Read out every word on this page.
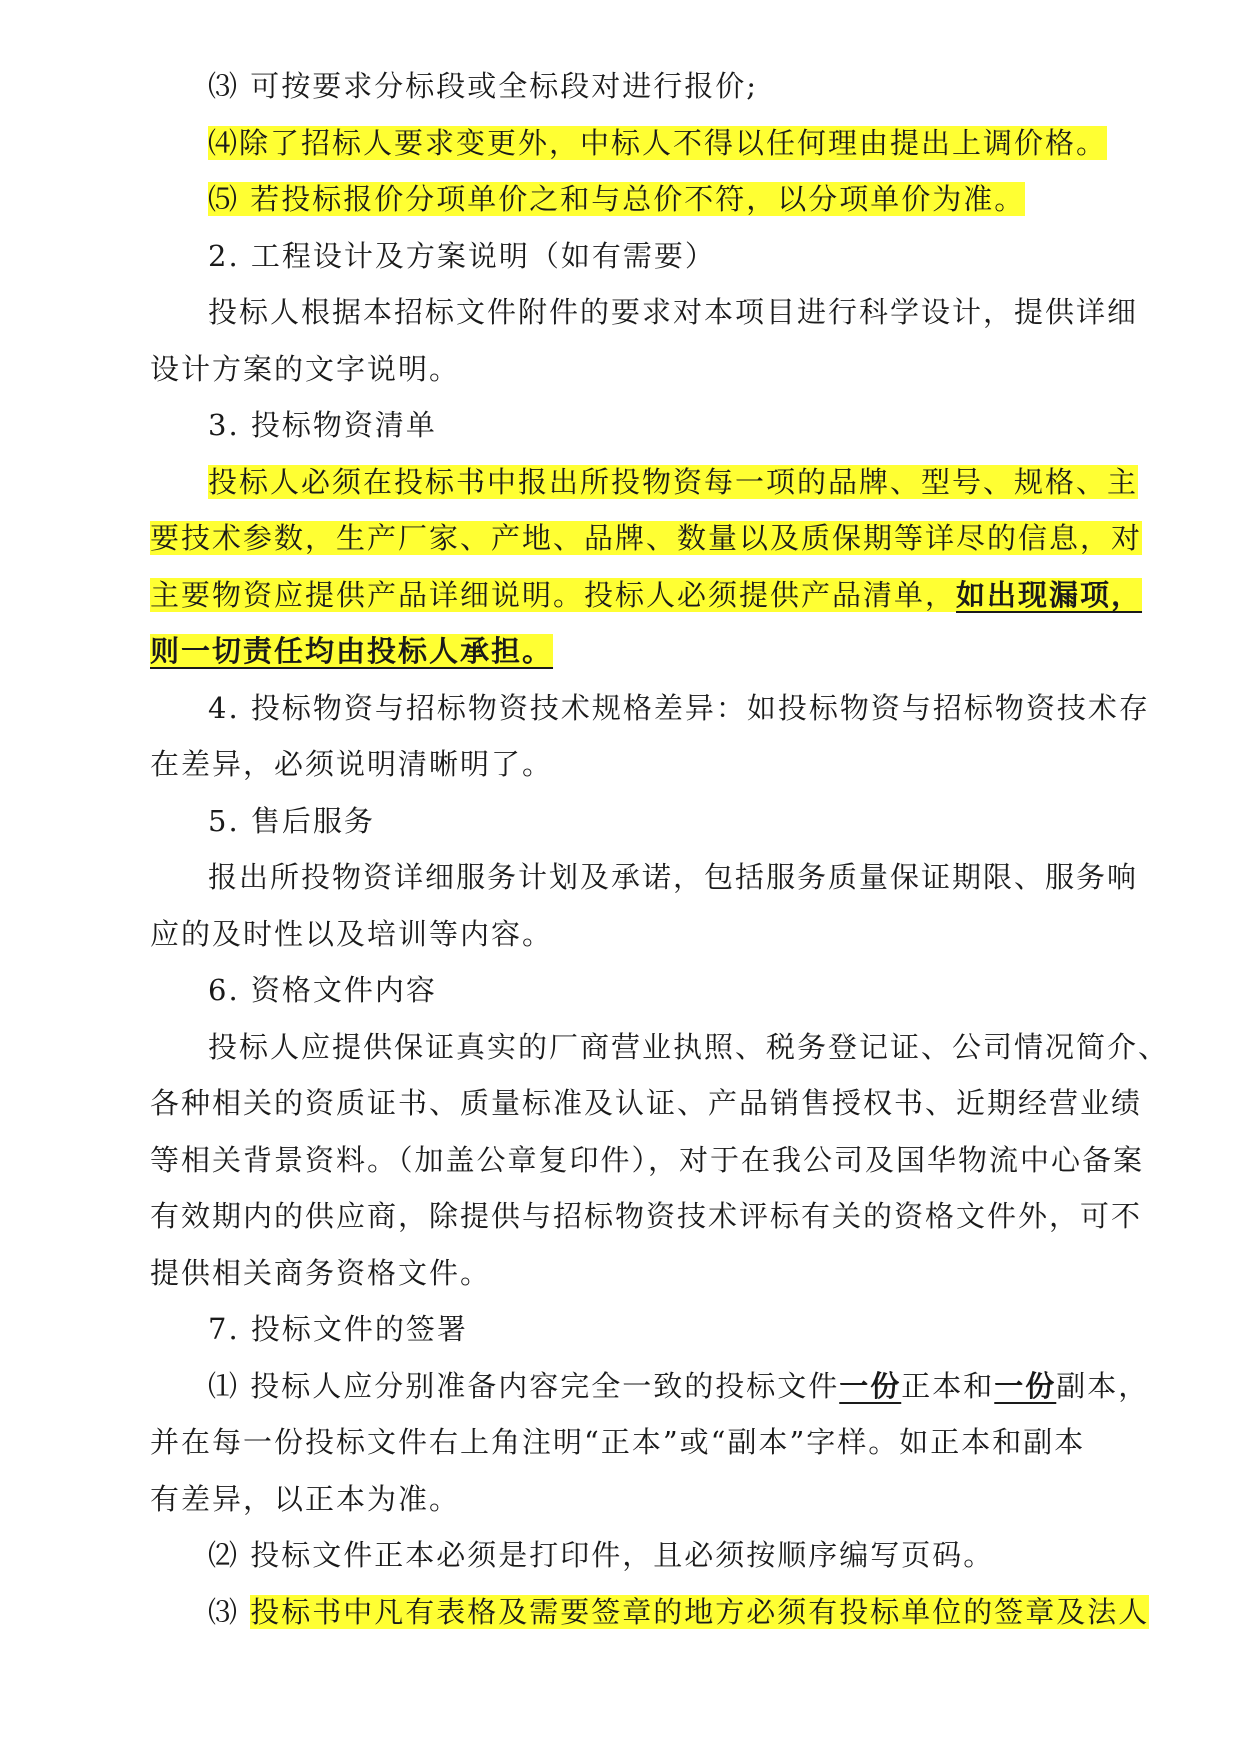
⑶ 可按要求分标段或全标段对进行报价;

⑷除了招标人要求变更外，中标人不得以任何理由提出上调价格。

⑸ 若投标报价分项单价之和与总价不符，以分项单价为准。

2. 工程设计及方案说明（如有需要）

投标人根据本招标文件附件的要求对本项目进行科学设计，提供详细

设计方案的文字说明。

3. 投标物资清单

投标人必须在投标书中报出所投物资每一项的品牌、型号、规格、主

要技术参数，生产厂家、产地、品牌、数量以及质保期等详尽的信息，对

主要物资应提供产品详细说明。投标人必须提供产品清单，如出现漏项，

则一切责任均由投标人承担。

4. 投标物资与招标物资技术规格差异：如投标物资与招标物资技术存

在差异，必须说明清晰明了。

5. 售后服务

报出所投物资详细服务计划及承诺，包括服务质量保证期限、服务响

应的及时性以及培训等内容。

6. 资格文件内容

投标人应提供保证真实的厂商营业执照、税务登记证、公司情况简介、

各种相关的资质证书、质量标准及认证、产品销售授权书、近期经营业绩

等相关背景资料。（加盖公章复印件），对于在我公司及国华物流中心备案

有效期内的供应商，除提供与招标物资技术评标有关的资格文件外，可不

提供相关商务资格文件。

7. 投标文件的签署

⑴ 投标人应分别准备内容完全一致的投标文件一份正本和一份副本，

并在每一份投标文件右上角注明“正本”或“副本”字样。如正本和副本

有差异，以正本为准。

⑵ 投标文件正本必须是打印件，且必须按顺序编写页码。

⑶ 投标书中凡有表格及需要签章的地方必须有投标单位的签章及法人
